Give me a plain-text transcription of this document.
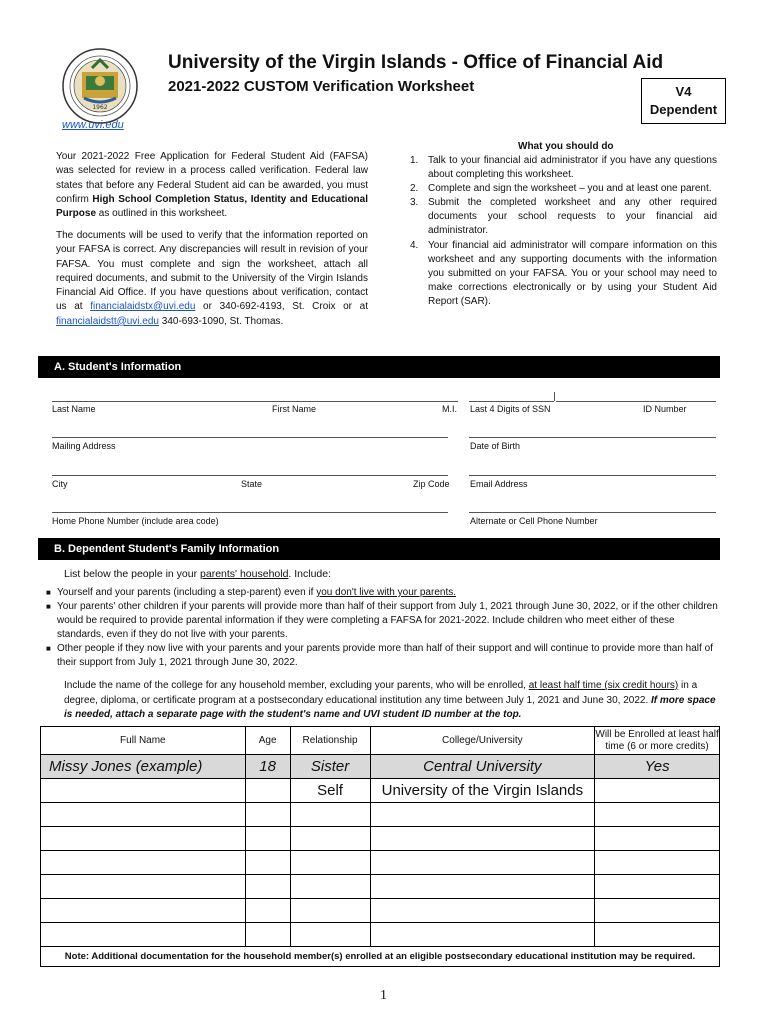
1962
University of the Virgin Islands - Office of Financial Aid
2021-2022 CUSTOM Verification Worksheet	V4
Dependent
www.uvi.edu
Your 2021-2022 Free Application for Federal Student Aid (FAFSA) was selected for review in a process called verification. Federal law states that before any Federal Student aid can be awarded, you must confirm High School Completion Status, Identity and Educational Purpose as outlined in this worksheet.
The documents will be used to verify that the information reported on your FAFSA is correct. Any discrepancies will result in revision of your FAFSA. You must complete and sign the worksheet, attach all required documents, and submit to the University of the Virgin Islands Financial Aid Office. If you have questions about verification, contact us at financialaidstx@uvi.edu or 340-692-4193, St. Croix or at financialaidstt@uvi.edu 340-693-1090, St. Thomas.
What you should do
1. Talk to your financial aid administrator if you have any questions about completing this worksheet.
2. Complete and sign the worksheet – you and at least one parent.
3. Submit the completed worksheet and any other required documents your school requests to your financial aid administrator.
4. Your financial aid administrator will compare information on this worksheet and any supporting documents with the information you submitted on your FAFSA. You or your school may need to make corrections electronically or by using your Student Aid Report (SAR).
A. Student's Information
Last Name	First Name	M.I. Last 4 Digits of SSN	ID Number
Mailing Address	Date of Birth
City	State	Zip Code Email Address
Home Phone Number (include area code)	Alternate or Cell Phone Number
B. Dependent Student's Family Information
List below the people in your parents' household. Include:
■ Yourself and your parents (including a step-parent) even if you don't live with your parents.
■ Your parents' other children if your parents will provide more than half of their support from July 1, 2021 through June 30, 2022, or if the other children would be required to provide parental information if they were completing a FAFSA for 2021-2022. Include children who meet either of these standards, even if they do not live with your parents.
■ Other people if they now live with your parents and your parents provide more than half of their support and will continue to provide more than half of their support from July 1, 2021 through June 30, 2022.
Include the name of the college for any household member, excluding your parents, who will be enrolled, at least half time (six credit hours) in a degree, diploma, or certificate program at a postsecondary educational institution any time between July 1, 2021 and June 30, 2022. If more space is needed, attach a separate page with the student's name and UVI student ID number at the top.
Full Name	Age	Relationship	College/University	Will be Enrolled at least half time (6 or more credits)
Missy Jones (example)	18	Sister	Central University	Yes
		Self	University of the Virgin Islands	

Note: Additional documentation for the household member(s) enrolled at an eligible postsecondary educational institution may be required.				
1
